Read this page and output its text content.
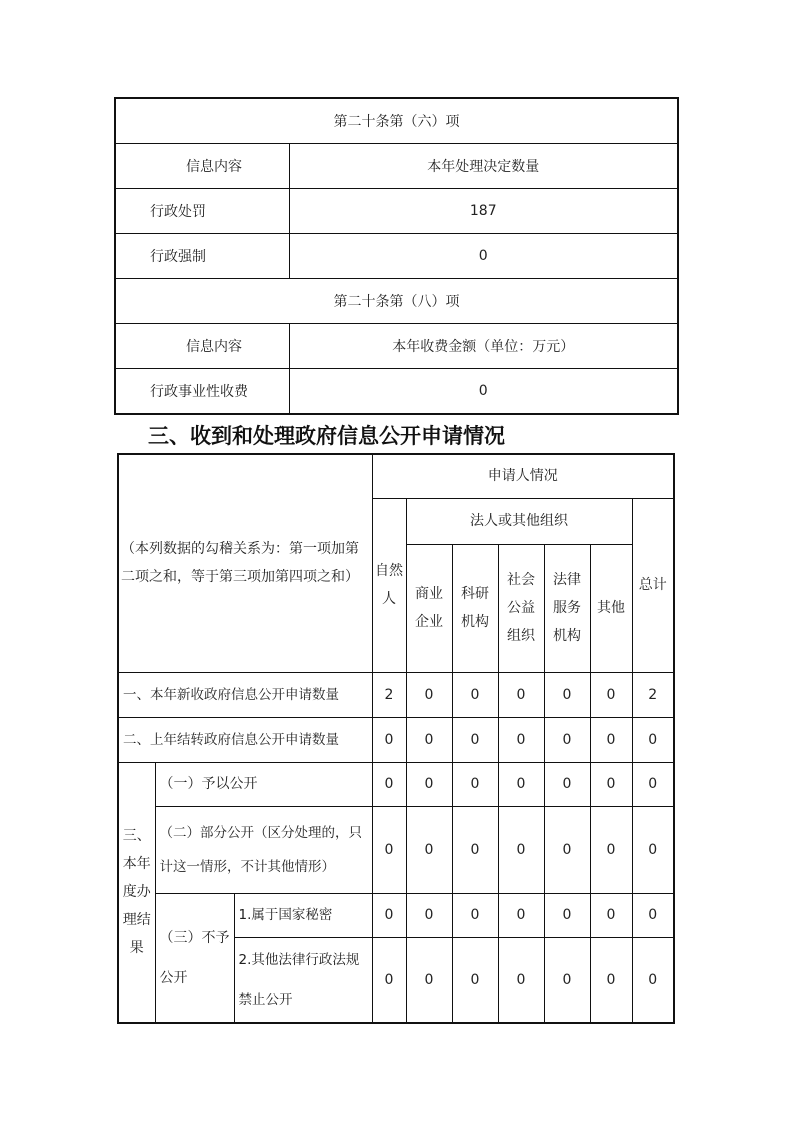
第二十条第（六）项	
信息内容	本年处理决定数量
行政处罚	187
行政强制	0
第二十条第（八）项	
信息内容	本年收费金额（单位：万元）
行政事业性收费	0
三、收到和处理政府信息公开申请情况
（本列数据的勾稽关系为：第一项加第二项之和，等于第三项加第四项之和）			申请人情况						
			自然人	法人或其他组织					总计
				商业企业	科研机构	社会公益组织	法律服务机构	其他	
一、本年新收政府信息公开申请数量			2	0	0	0	0	0	2
二、上年结转政府信息公开申请数量			0	0	0	0	0	0	0
三、本年度办理结果	（一）予以公开		0	0	0	0	0	0	0
	（二）部分公开（区分处理的，只计这一情形，不计其他情形）		0	0	0	0	0	0	0
	（三）不予公开	1.属于国家秘密	0	0	0	0	0	0	0
		2.其他法律行政法规禁止公开	0	0	0	0	0	0	0
